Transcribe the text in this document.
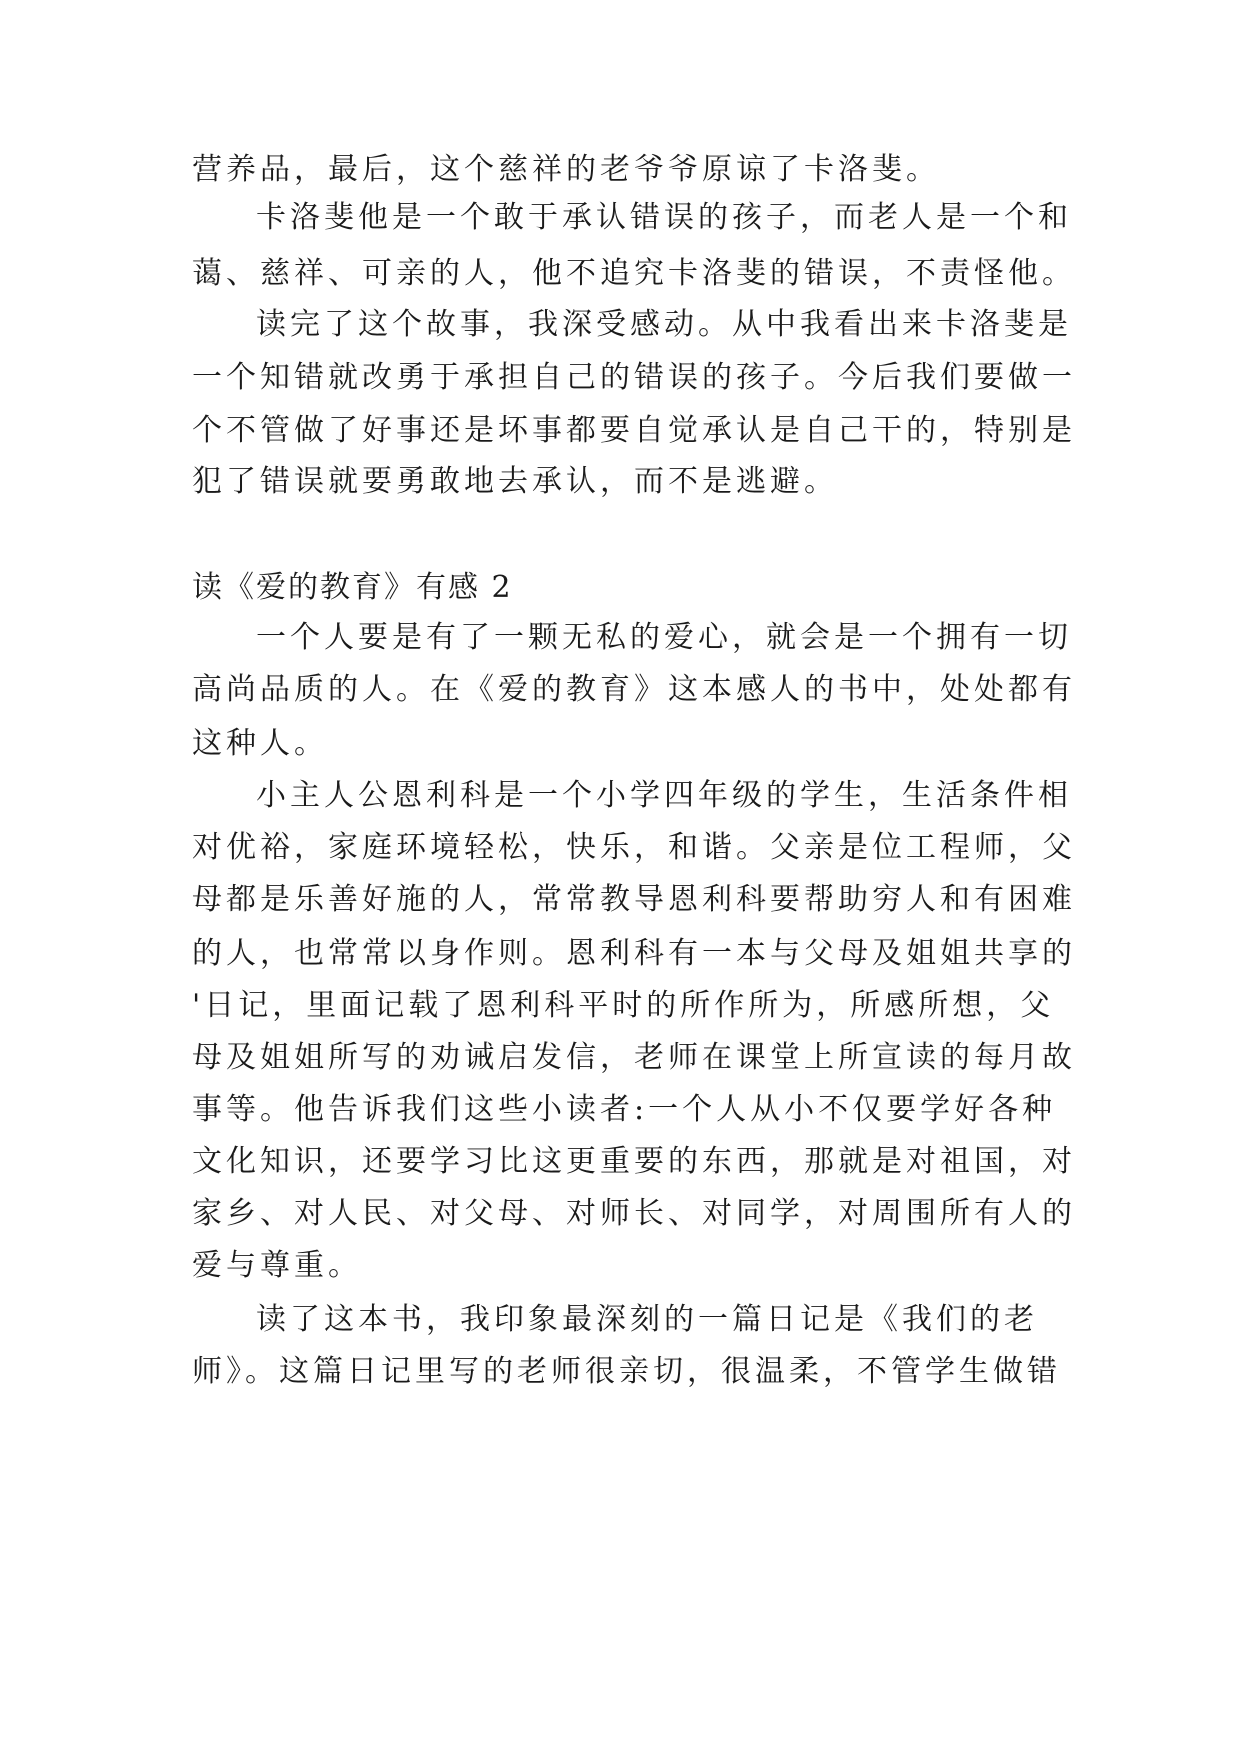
营养品，最后，这个慈祥的老爷爷原谅了卡洛斐。
卡洛斐他是一个敢于承认错误的孩子，而老人是一个和
蔼、慈祥、可亲的人，他不追究卡洛斐的错误，不责怪他。
读完了这个故事，我深受感动。从中我看出来卡洛斐是
一个知错就改勇于承担自己的错误的孩子。今后我们要做一
个不管做了好事还是坏事都要自觉承认是自己干的，特别是
犯了错误就要勇敢地去承认，而不是逃避。
读《爱的教育》有感 2
一个人要是有了一颗无私的爱心，就会是一个拥有一切
高尚品质的人。在《爱的教育》这本感人的书中，处处都有
这种人。
小主人公恩利科是一个小学四年级的学生，生活条件相
对优裕，家庭环境轻松，快乐，和谐。父亲是位工程师，父
母都是乐善好施的人，常常教导恩利科要帮助穷人和有困难
的人，也常常以身作则。恩利科有一本与父母及姐姐共享的
'日记，里面记载了恩利科平时的所作所为，所感所想，父
母及姐姐所写的劝诫启发信，老师在课堂上所宣读的每月故
事等。他告诉我们这些小读者:一个人从小不仅要学好各种
文化知识，还要学习比这更重要的东西，那就是对祖国，对
家乡、对人民、对父母、对师长、对同学，对周围所有人的
爱与尊重。
读了这本书，我印象最深刻的一篇日记是《我们的老
师》。这篇日记里写的老师很亲切，很温柔，不管学生做错
